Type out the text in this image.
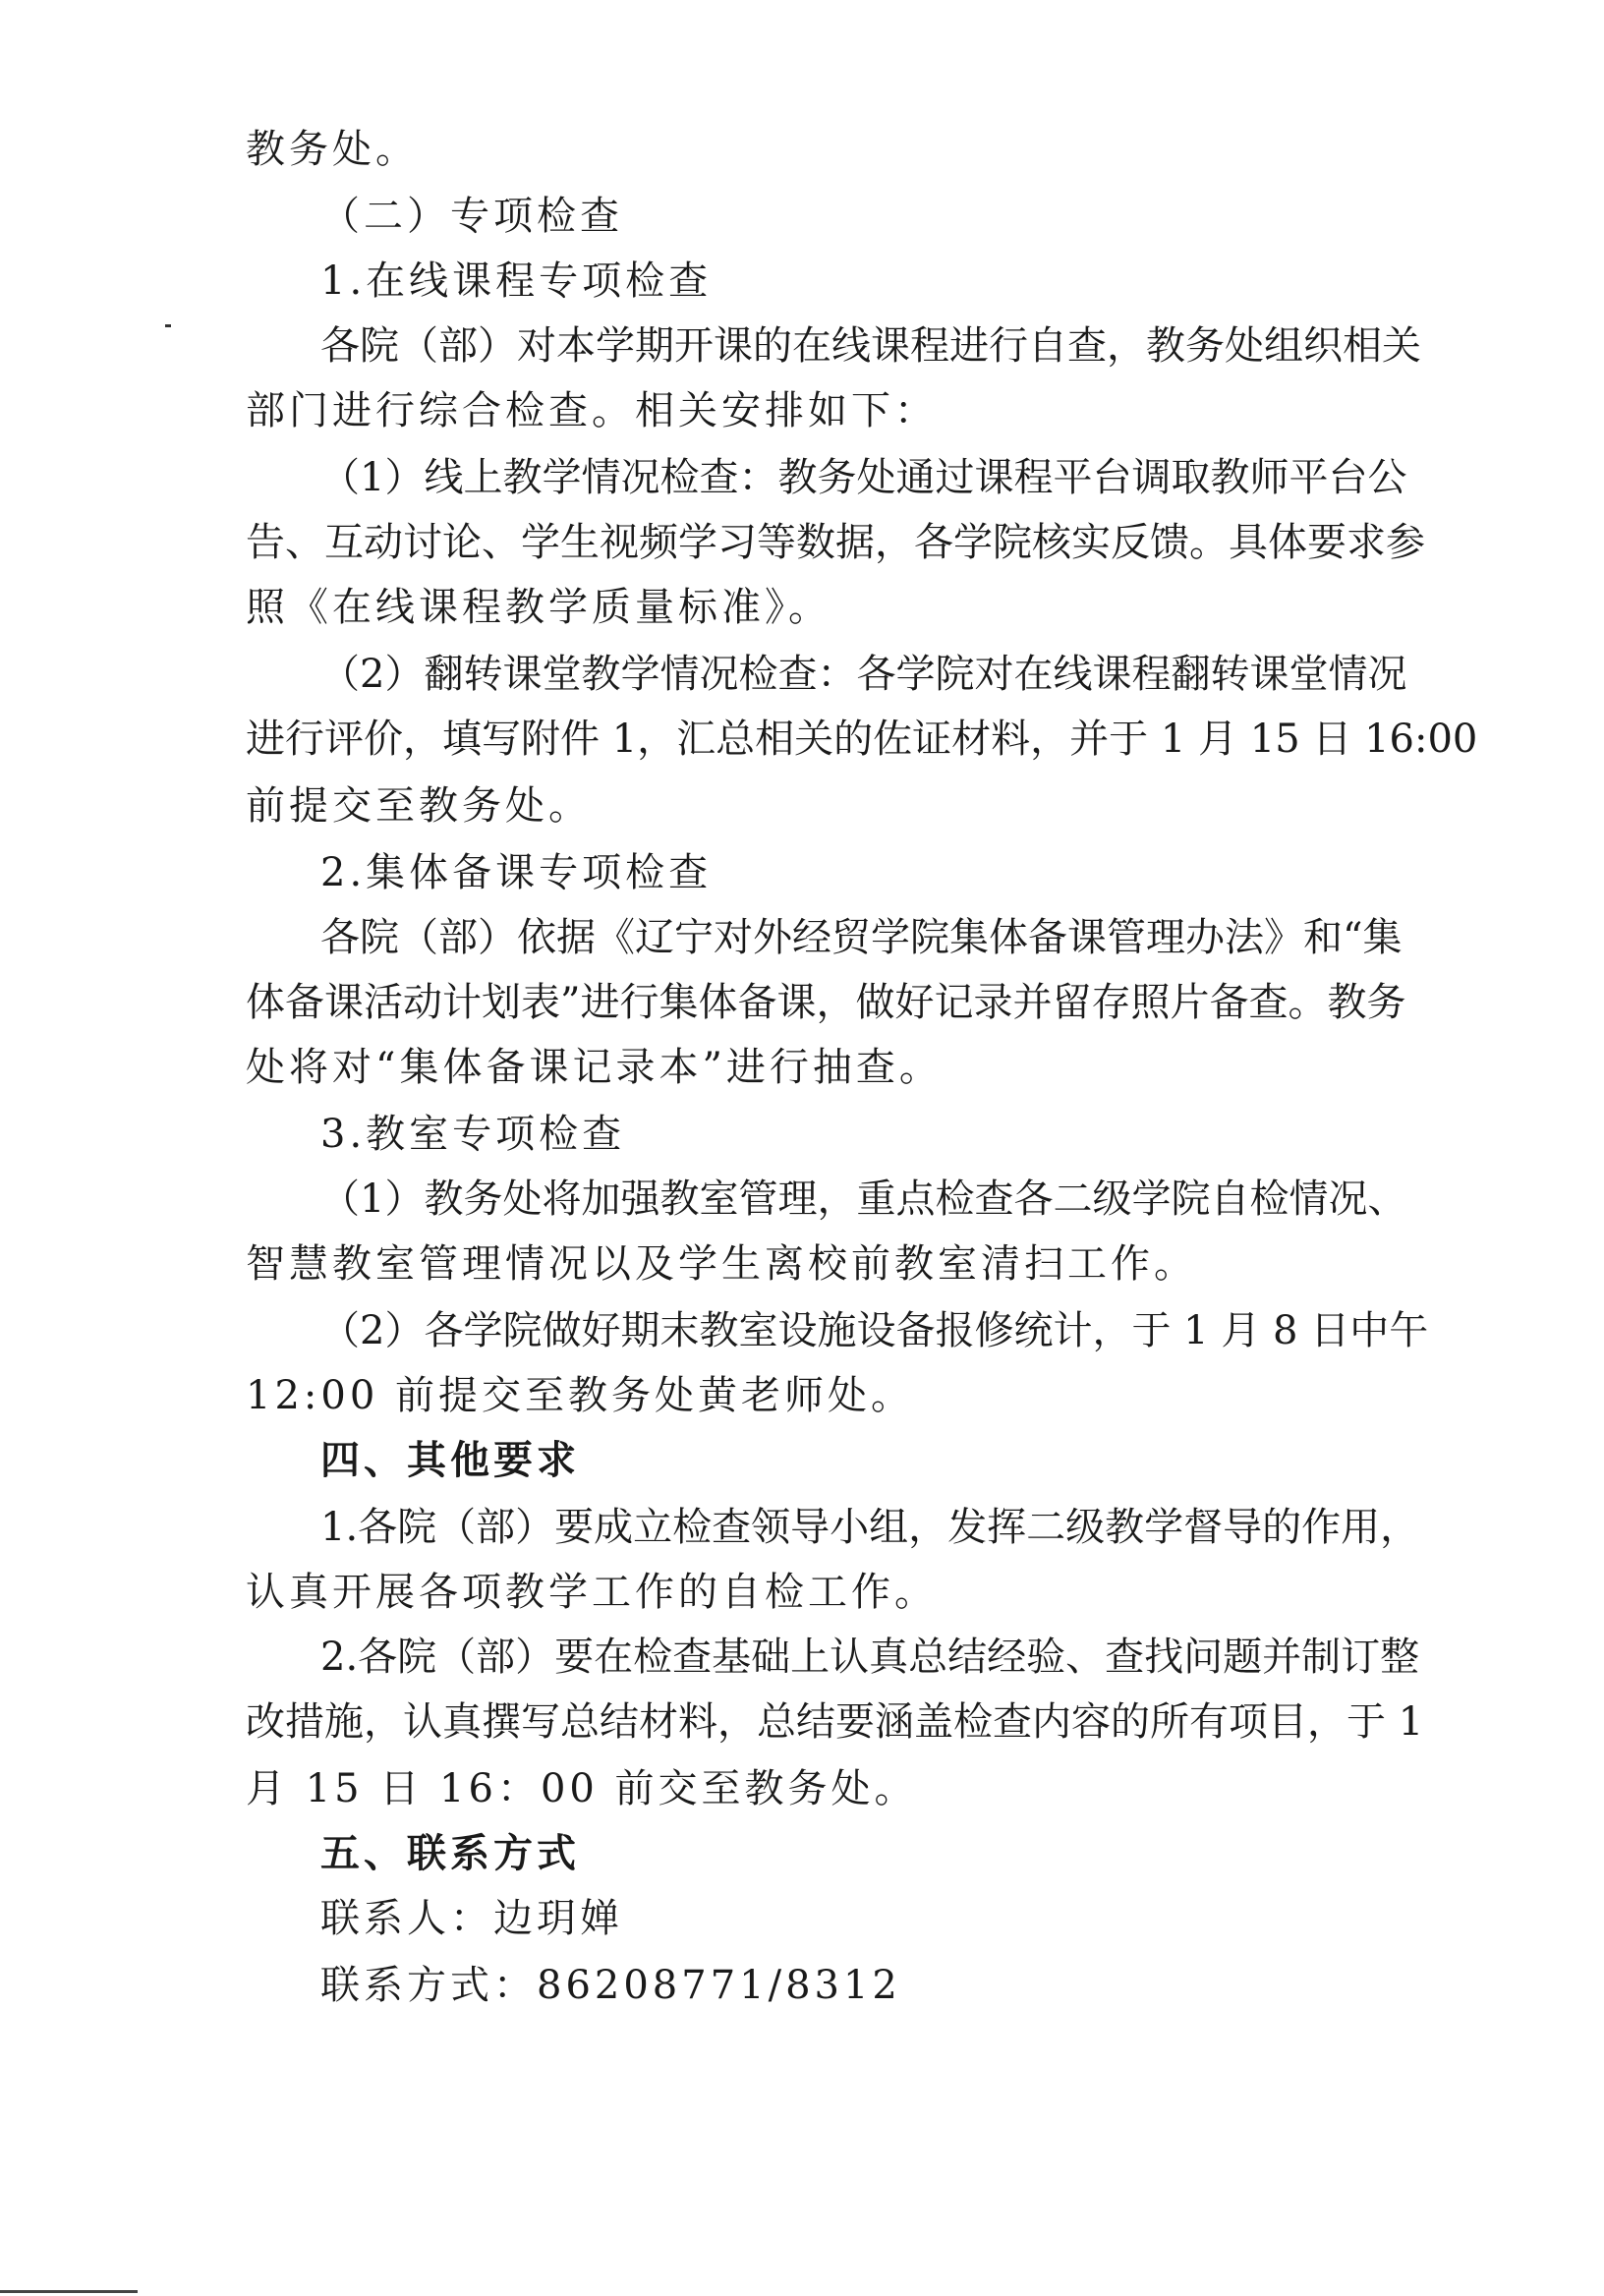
教务处。

（二）专项检查

1.在线课程专项检查

各院（部）对本学期开课的在线课程进行自查，教务处组织相关

部门进行综合检查。相关安排如下：

（1）线上教学情况检查：教务处通过课程平台调取教师平台公

告、互动讨论、学生视频学习等数据，各学院核实反馈。具体要求参

照《在线课程教学质量标准》。

（2）翻转课堂教学情况检查：各学院对在线课程翻转课堂情况

进行评价，填写附件 1，汇总相关的佐证材料，并于 1 月 15 日 16:00

前提交至教务处。

2.集体备课专项检查

各院（部）依据《辽宁对外经贸学院集体备课管理办法》和“集

体备课活动计划表”进行集体备课，做好记录并留存照片备查。教务

处将对“集体备课记录本”进行抽查。

3.教室专项检查

（1）教务处将加强教室管理，重点检查各二级学院自检情况、

智慧教室管理情况以及学生离校前教室清扫工作。

（2）各学院做好期末教室设施设备报修统计，于 1 月 8 日中午

12:00 前提交至教务处黄老师处。

四、其他要求

1.各院（部）要成立检查领导小组，发挥二级教学督导的作用，

认真开展各项教学工作的自检工作。

2.各院（部）要在检查基础上认真总结经验、查找问题并制订整

改措施，认真撰写总结材料，总结要涵盖检查内容的所有项目，于 1

月 15 日 16：00 前交至教务处。

五、联系方式

联系人：边玥婵

联系方式：86208771/8312
